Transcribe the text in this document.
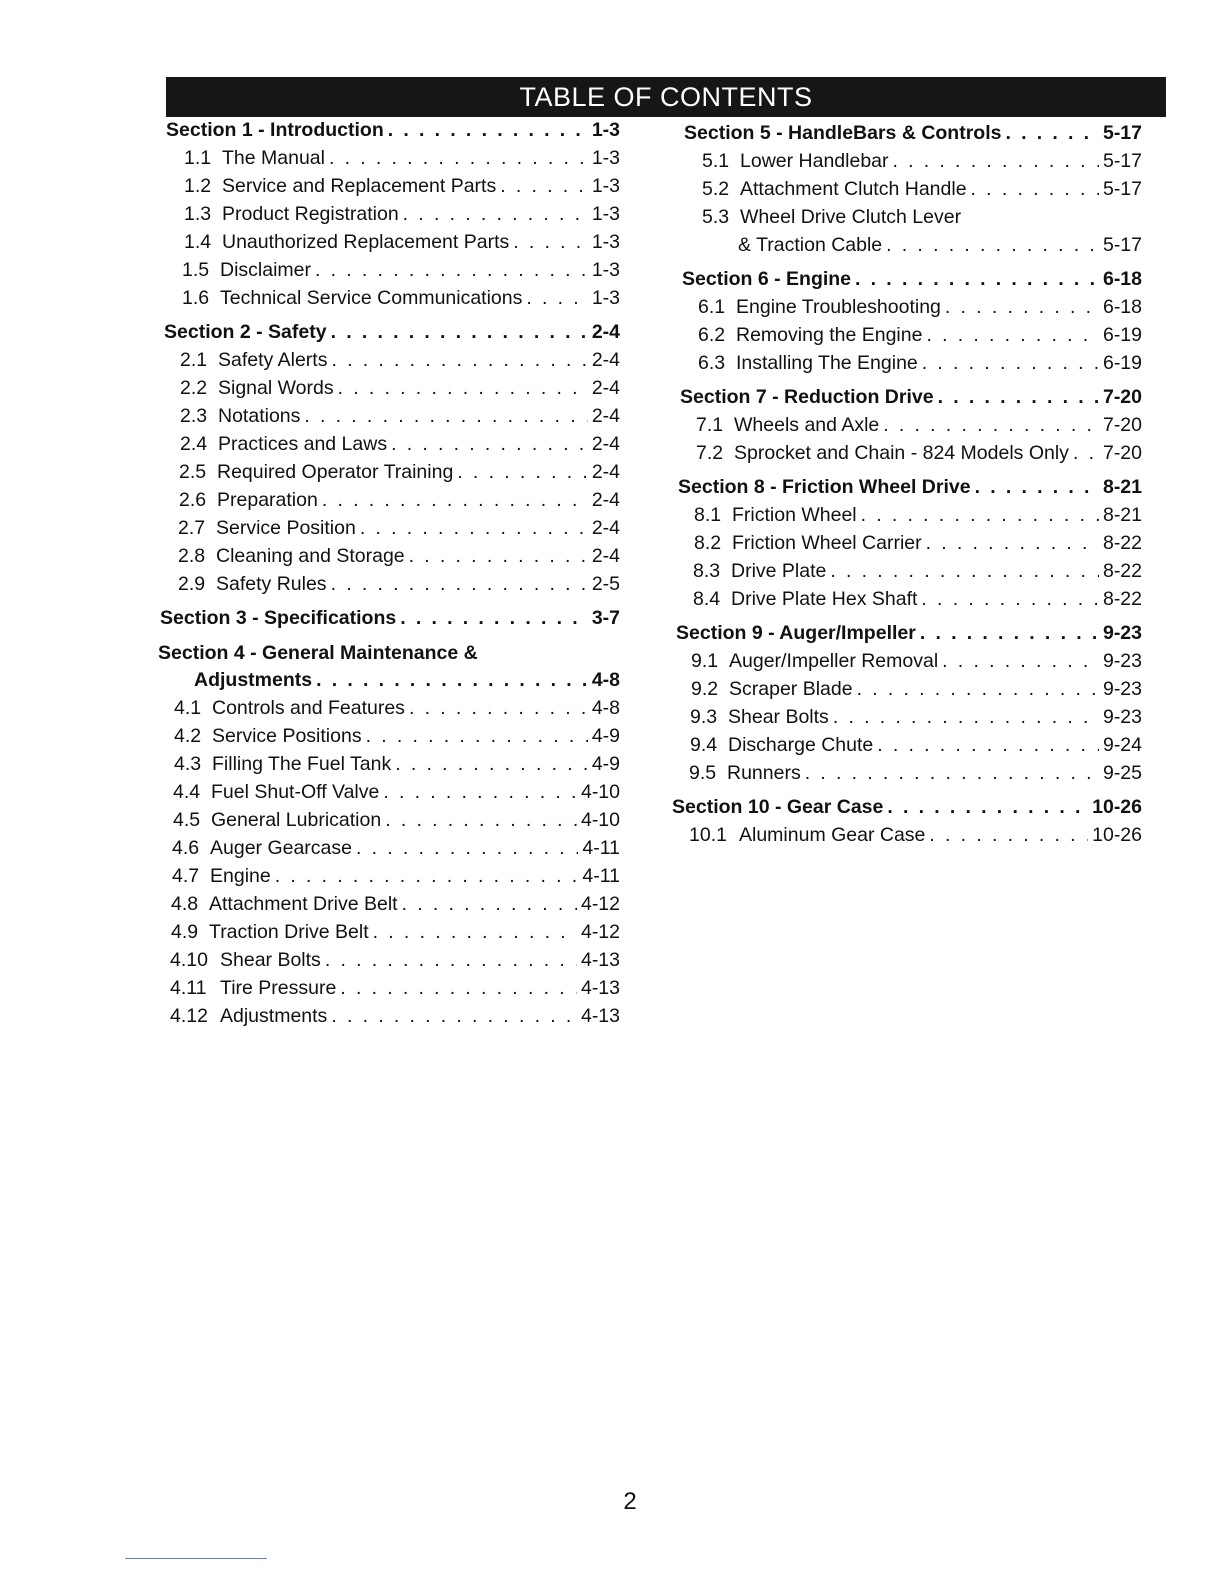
TABLE OF CONTENTS
Section 1 - Introduction . . .	1-3
1.1 The Manual . . .	1-3
1.2 Service and Replacement Parts . . .	1-3
1.3 Product Registration . . .	1-3
1.4 Unauthorized Replacement Parts . . .	1-3
1.5 Disclaimer . . .	1-3
1.6 Technical Service Communications . . .	1-3
Section 2 - Safety . . .	2-4
2.1 Safety Alerts . . .	2-4
2.2 Signal Words . . .	2-4
2.3 Notations . . .	2-4
2.4 Practices and Laws . . .	2-4
2.5 Required Operator Training . . .	2-4
2.6 Preparation . . .	2-4
2.7 Service Position . . .	2-4
2.8 Cleaning and Storage . . .	2-4
2.9 Safety Rules . . .	2-5
Section 3 - Specifications . . .	3-7
Section 4 - General Maintenance &
Adjustments . . .	4-8
4.1 Controls and Features . . .	4-8
4.2 Service Positions . . .	4-9
4.3 Filling The Fuel Tank . . .	4-9
4.4 Fuel Shut-Off Valve . . .	4-10
4.5 General Lubrication . . .	4-10
4.6 Auger Gearcase . . .	4-11
4.7 Engine . . .	4-11
4.8 Attachment Drive Belt . . .	4-12
4.9 Traction Drive Belt . . .	4-12
4.10 Shear Bolts . . .	4-13
4.11 Tire Pressure . . .	4-13
4.12 Adjustments . . .	4-13
Section 5 - HandleBars & Controls . . .	5-17
5.1 Lower Handlebar . . .	5-17
5.2 Attachment Clutch Handle . . .	5-17
5.3 Wheel Drive Clutch Lever
& Traction Cable . . .	5-17
Section 6 - Engine . . .	6-18
6.1 Engine Troubleshooting . . .	6-18
6.2 Removing the Engine . . .	6-19
6.3 Installing The Engine . . .	6-19
Section 7 - Reduction Drive . . .	7-20
7.1 Wheels and Axle . . .	7-20
7.2 Sprocket and Chain - 824 Models Only . . . 7-20
Section 8 - Friction Wheel Drive . . .	8-21
8.1 Friction Wheel . . .	8-21
8.2 Friction Wheel Carrier . . .	8-22
8.3 Drive Plate . . .	8-22
8.4 Drive Plate Hex Shaft . . .	8-22
Section 9 - Auger/Impeller . . .	9-23
9.1 Auger/Impeller Removal . . .	9-23
9.2 Scraper Blade . . .	9-23
9.3 Shear Bolts . . .	9-23
9.4 Discharge Chute . . .	9-24
9.5 Runners . . .	9-25
Section 10 - Gear Case . . .	10-26
10.1 Aluminum Gear Case . . .	10-26
2
